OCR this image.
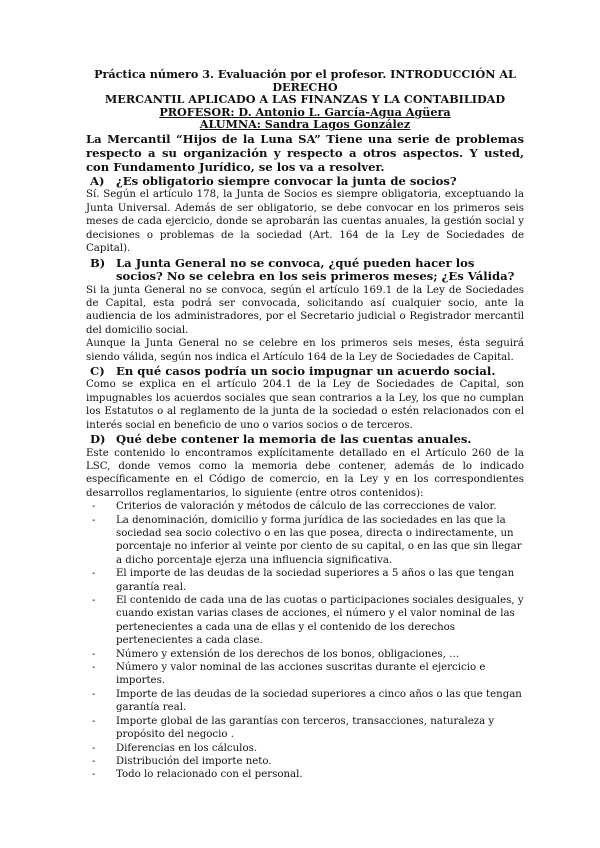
Práctica número 3. Evaluación por el profesor. INTRODUCCIÓN AL DERECHO
MERCANTIL APLICADO A LAS FINANZAS Y LA CONTABILIDAD
PROFESOR: D. Antonio L. García-Agua Agüera
ALUMNA: Sandra Lagos González
La Mercantil “Hijos de la Luna SA” Tiene una serie de problemas respecto a su organización y respecto a otros aspectos. Y usted, con Fundamento Jurídico, se los va a resolver.
A) ¿Es obligatorio siempre convocar la junta de socios?

Sí. Según el artículo 178, la Junta de Socios es siempre obligatoria, exceptuando la Junta Universal. Además de ser obligatorio, se debe convocar en los primeros seis meses de cada ejercicio, donde se aprobarán las cuentas anuales, la gestión social y decisiones o problemas de la sociedad (Art. 164 de la Ley de Sociedades de Capital).

B) La Junta General no se convoca, ¿qué pueden hacer los socios? No se celebra en los seis primeros meses; ¿Es Válida?

Si la junta General no se convoca, según el artículo 169.1 de la Ley de Sociedades de Capital, esta podrá ser convocada, solicitando así cualquier socio, ante la audiencia de los administradores, por el Secretario judicial o Registrador mercantil del domicilio social.

Aunque la Junta General no se celebre en los primeros seis meses, ésta seguirá siendo válida, según nos indica el Artículo 164 de la Ley de Sociedades de Capital.

C) En qué casos podría un socio impugnar un acuerdo social.

Como se explica en el artículo 204.1 de la Ley de Sociedades de Capital, son impugnables los acuerdos sociales que sean contrarios a la Ley, los que no cumplan los Estatutos o al reglamento de la junta de la sociedad o estén relacionados con el interés social en beneficio de uno o varios socios o de terceros.

D) Qué debe contener la memoria de las cuentas anuales.

Este contenido lo encontramos explícitamente detallado en el Artículo 260 de la LSC, donde vemos como la memoria debe contener, además de lo indicado específicamente en el Código de comercio, en la Ley y en los correspondientes desarrollos reglamentarios, lo siguiente (entre otros contenidos):

-	Criterios de valoración y métodos de cálculo de las correcciones de valor.
-	La denominación, domicilio y forma jurídica de las sociedades en las que la sociedad sea socio colectivo o en las que posea, directa o indirectamente, un porcentaje no inferior al veinte por ciento de su capital, o en las que sin llegar a dicho porcentaje ejerza una influencia significativa.
-	El importe de las deudas de la sociedad superiores a 5 años o las que tengan garantía real.
-	El contenido de cada una de las cuotas o participaciones sociales desiguales, y cuando existan varias clases de acciones, el número y el valor nominal de las pertenecientes a cada una de ellas y el contenido de los derechos pertenecientes a cada clase.
-	Número y extensión de los derechos de los bonos, obligaciones, …
-	Número y valor nominal de las acciones suscritas durante el ejercicio e importes.
-	Importe de las deudas de la sociedad superiores a cinco años o las que tengan garantía real.
-	Importe global de las garantías con terceros, transacciones, naturaleza y propósito del negocio .
-	Diferencias en los cálculos.
-	Distribución del importe neto.
-	Todo lo relacionado con el personal.
